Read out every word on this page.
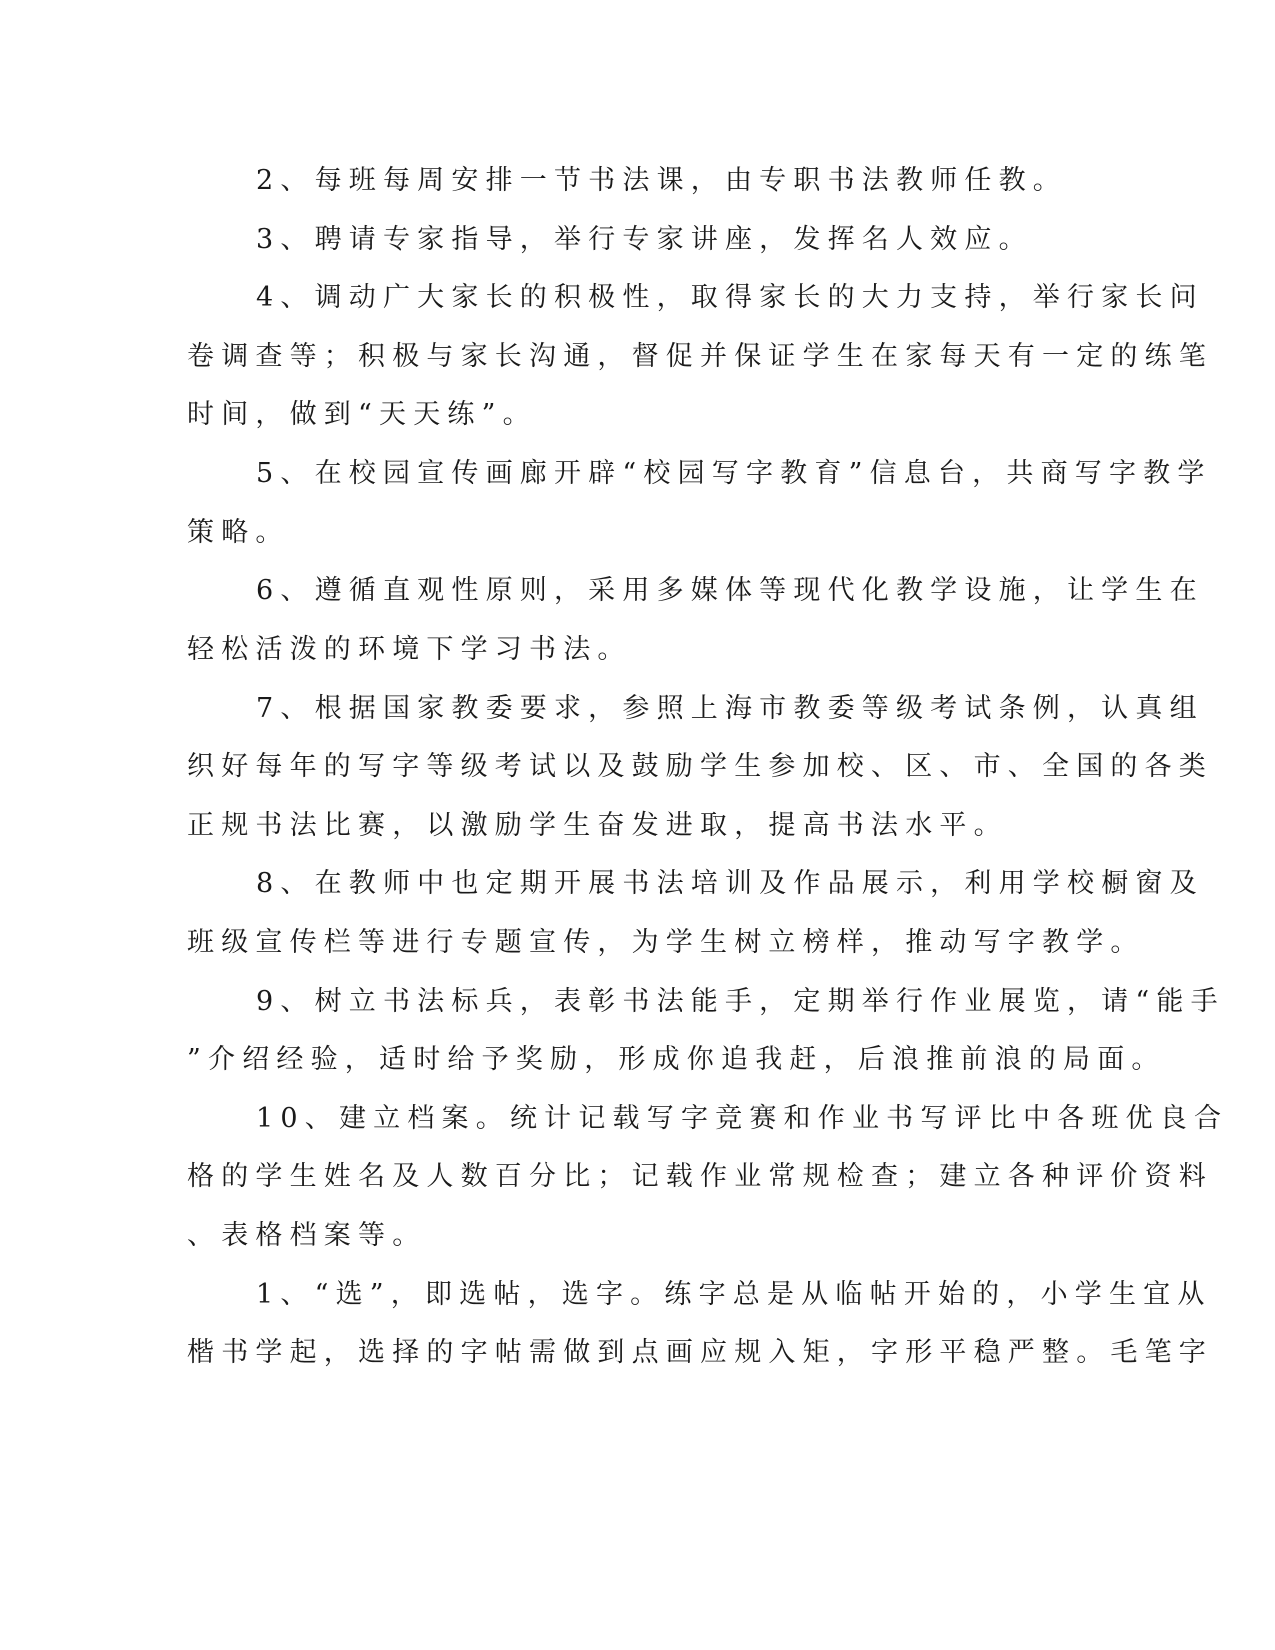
2、每班每周安排一节书法课，由专职书法教师任教。
3、聘请专家指导，举行专家讲座，发挥名人效应。
4、调动广大家长的积极性，取得家长的大力支持，举行家长问
卷调查等；积极与家长沟通，督促并保证学生在家每天有一定的练笔
时间，做到“天天练”。
5、在校园宣传画廊开辟“校园写字教育”信息台，共商写字教学
策略。
6、遵循直观性原则，采用多媒体等现代化教学设施，让学生在
轻松活泼的环境下学习书法。
7、根据国家教委要求，参照上海市教委等级考试条例，认真组
织好每年的写字等级考试以及鼓励学生参加校、区、市、全国的各类
正规书法比赛，以激励学生奋发进取，提高书法水平。
8、在教师中也定期开展书法培训及作品展示，利用学校橱窗及
班级宣传栏等进行专题宣传，为学生树立榜样，推动写字教学。
9、树立书法标兵，表彰书法能手，定期举行作业展览，请“能手
”介绍经验，适时给予奖励，形成你追我赶，后浪推前浪的局面。
10、建立档案。统计记载写字竞赛和作业书写评比中各班优良合
格的学生姓名及人数百分比；记载作业常规检查；建立各种评价资料
、表格档案等。
1、“选”，即选帖，选字。练字总是从临帖开始的，小学生宜从
楷书学起，选择的字帖需做到点画应规入矩，字形平稳严整。毛笔字
